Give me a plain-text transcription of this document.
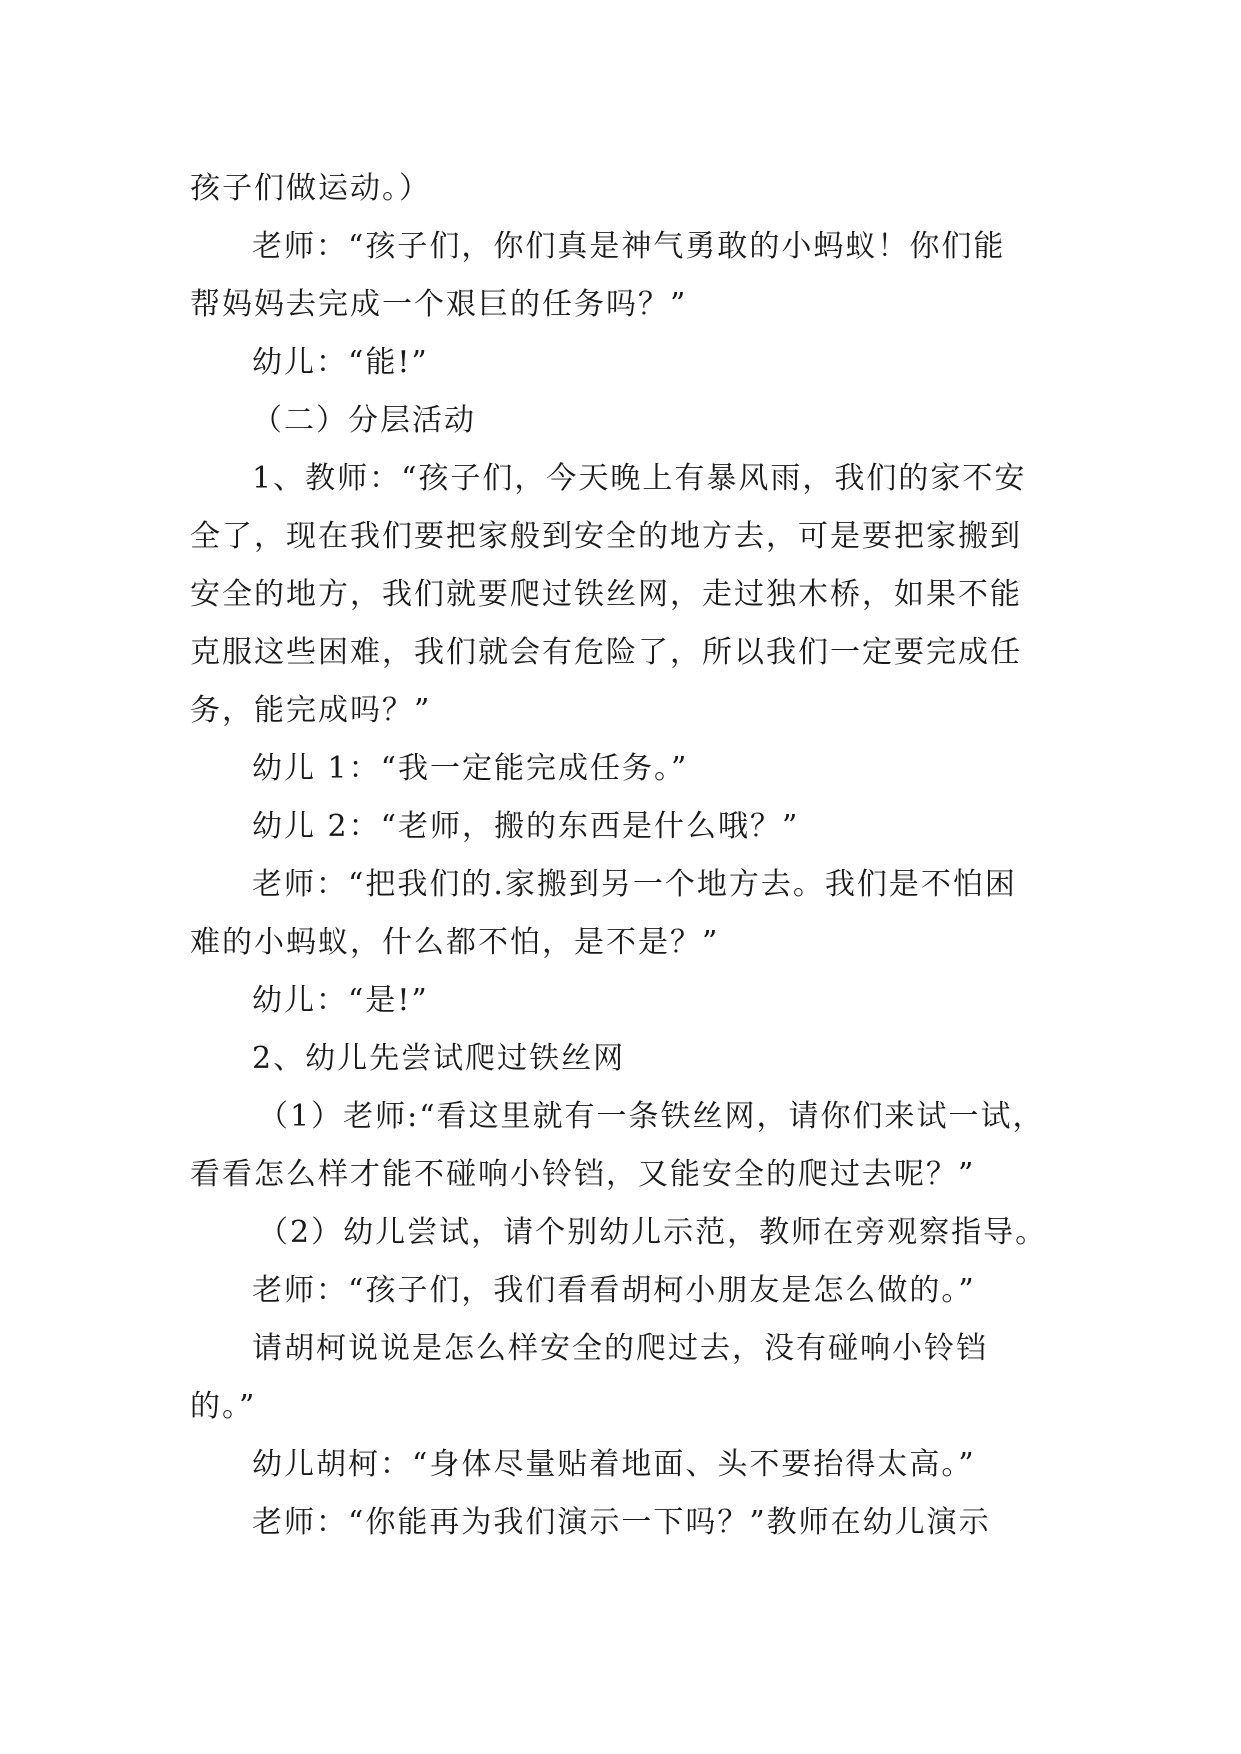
孩子们做运动。）
老师：“孩子们，你们真是神气勇敢的小蚂蚁！你们能
帮妈妈去完成一个艰巨的任务吗？”
幼儿：“能!”
（二）分层活动
1、教师：“孩子们，今天晚上有暴风雨，我们的家不安
全了，现在我们要把家般到安全的地方去，可是要把家搬到
安全的地方，我们就要爬过铁丝网，走过独木桥，如果不能
克服这些困难，我们就会有危险了，所以我们一定要完成任
务，能完成吗？”
幼儿 1：“我一定能完成任务。”
幼儿 2：“老师，搬的东西是什么哦？”
老师：“把我们的.家搬到另一个地方去。我们是不怕困
难的小蚂蚁，什么都不怕，是不是？”
幼儿：“是!”
2、幼儿先尝试爬过铁丝网
（1）老师:“看这里就有一条铁丝网，请你们来试一试，
看看怎么样才能不碰响小铃铛，又能安全的爬过去呢？”
（2）幼儿尝试，请个别幼儿示范，教师在旁观察指导。
老师：“孩子们，我们看看胡柯小朋友是怎么做的。”
请胡柯说说是怎么样安全的爬过去，没有碰响小铃铛
的。”
幼儿胡柯：“身体尽量贴着地面、头不要抬得太高。”
老师：“你能再为我们演示一下吗？”教师在幼儿演示
